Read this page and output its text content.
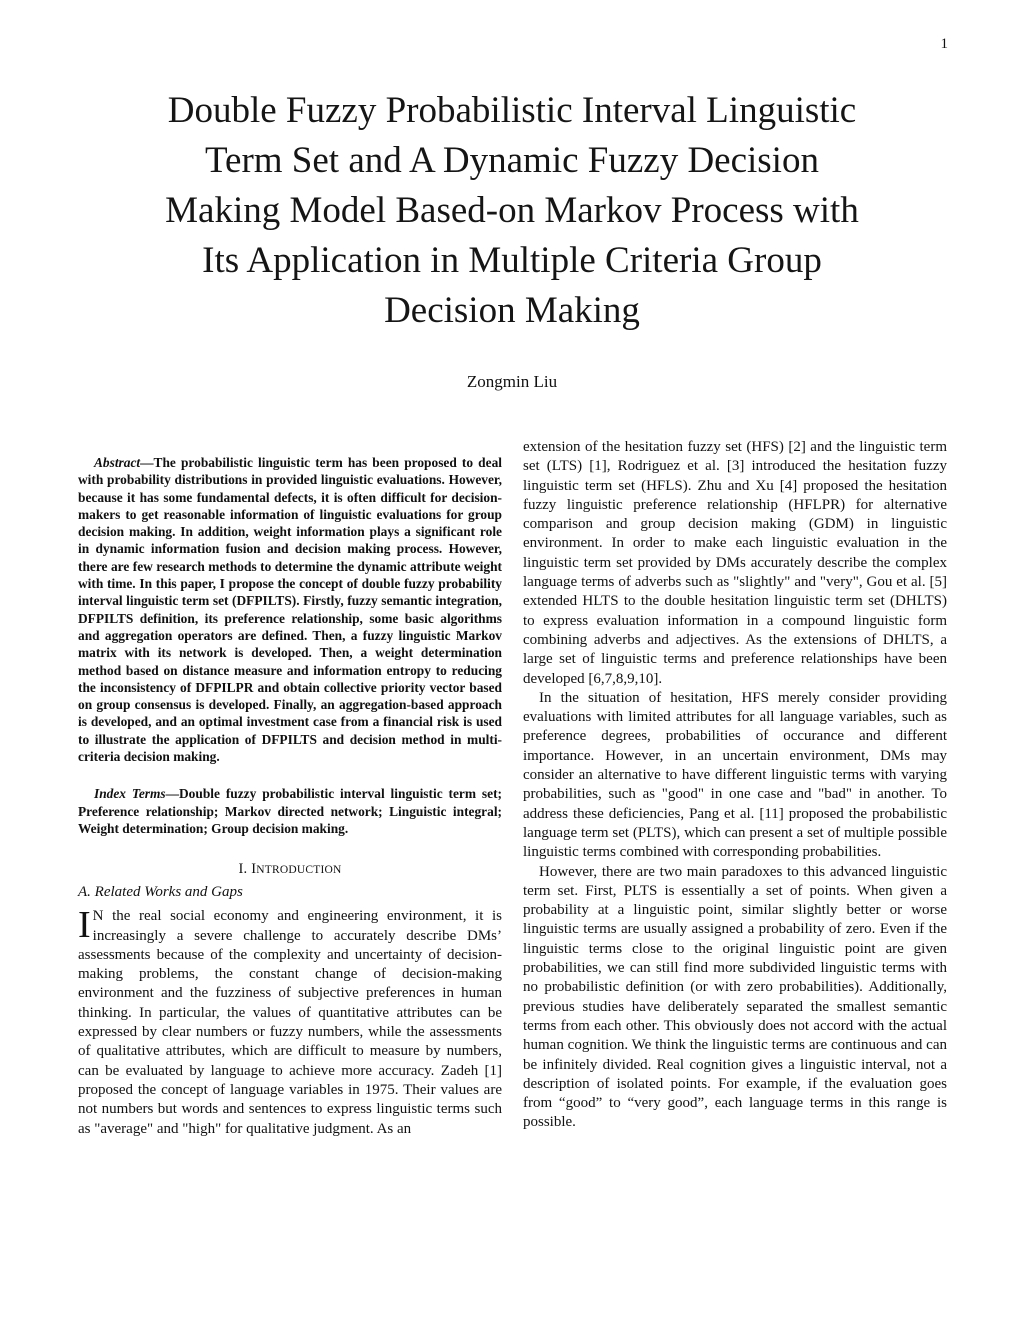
1
Double Fuzzy Probabilistic Interval Linguistic
Term Set and A Dynamic Fuzzy Decision
Making Model Based-on Markov Process with
Its Application in Multiple Criteria Group
Decision Making
Zongmin Liu

Abstract—The probabilistic linguistic term has been proposed to deal with probability distributions in provided linguistic evaluations. However, because it has some fundamental defects, it is often difficult for decision-makers to get reasonable information of linguistic evaluations for group decision making. In addition, weight information plays a significant role in dynamic information fusion and decision making process. However, there are few research methods to determine the dynamic attribute weight with time. In this paper, I propose the concept of double fuzzy probability interval linguistic term set (DFPILTS). Firstly, fuzzy semantic integration, DFPILTS definition, its preference relationship, some basic algorithms and aggregation operators are defined. Then, a fuzzy linguistic Markov matrix with its network is developed. Then, a weight determination method based on distance measure and information entropy to reducing the inconsistency of DFPILPR and obtain collective priority vector based on group consensus is developed. Finally, an aggregation-based approach is developed, and an optimal investment case from a financial risk is used to illustrate the application of DFPILTS and decision method in multi-criteria decision making.

Index Terms—Double fuzzy probabilistic interval linguistic term set; Preference relationship; Markov directed network; Linguistic integral; Weight determination; Group decision making.

I. INTRODUCTION
A. Related Works and Gaps

I N the real social economy and engineering environment, it is increasingly a severe challenge to accurately describe DMs’ assessments because of the complexity and uncertainty of decision-making problems, the constant change of decision-making environment and the fuzziness of subjective preferences in human thinking. In particular, the values of quantitative attributes can be expressed by clear numbers or fuzzy numbers, while the assessments of qualitative attributes, which are difficult to measure by numbers, can be evaluated by language to achieve more accuracy. Zadeh [1] proposed the concept of language variables in 1975. Their values are not numbers but words and sentences to express linguistic terms such as "average" and "high" for qualitative judgment. As an

extension of the hesitation fuzzy set (HFS) [2] and the linguistic term set (LTS) [1], Rodriguez et al. [3] introduced the hesitation fuzzy linguistic term set (HFLS). Zhu and Xu [4] proposed the hesitation fuzzy linguistic preference relationship (HFLPR) for alternative comparison and group decision making (GDM) in linguistic environment. In order to make each linguistic evaluation in the linguistic term set provided by DMs accurately describe the complex language terms of adverbs such as "slightly" and "very", Gou et al. [5] extended HLTS to the double hesitation linguistic term set (DHLTS) to express evaluation information in a compound linguistic form combining adverbs and adjectives. As the extensions of DHLTS, a large set of linguistic terms and preference relationships have been developed [6,7,8,9,10].

In the situation of hesitation, HFS merely consider providing evaluations with limited attributes for all language variables, such as preference degrees, probabilities of occurance and different importance. However, in an uncertain environment, DMs may consider an alternative to have different linguistic terms with varying probabilities, such as "good" in one case and "bad" in another. To address these deficiencies, Pang et al. [11] proposed the probabilistic language term set (PLTS), which can present a set of multiple possible linguistic terms combined with corresponding probabilities.

However, there are two main paradoxes to this advanced linguistic term set. First, PLTS is essentially a set of points. When given a probability at a linguistic point, similar slightly better or worse linguistic terms are usually assigned a probability of zero. Even if the linguistic terms close to the original linguistic point are given probabilities, we can still find more subdivided linguistic terms with no probabilistic definition (or with zero probabilities). Additionally, previous studies have deliberately separated the smallest semantic terms from each other. This obviously does not accord with the actual human cognition. We think the linguistic terms are continuous and can be infinitely divided. Real cognition gives a linguistic interval, not a description of isolated points. For example, if the evaluation goes from “good” to “very good”, each language terms in this range is possible.
